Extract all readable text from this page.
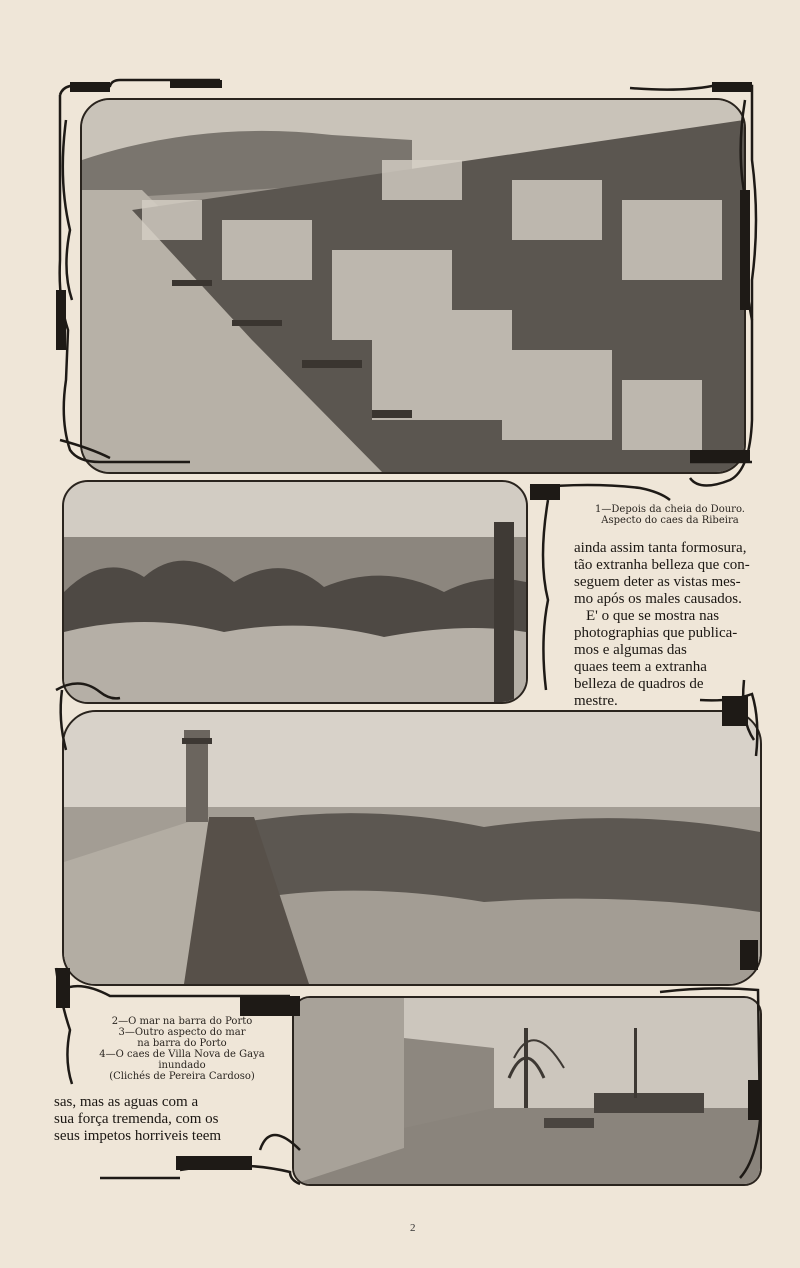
1—Depois da cheia do Douro.
Aspecto do caes da Ribeira

ainda assim tanta formosura,

tão extranha belleza que con-

seguem deter as vistas mes-

mo após os males causados.

E' o que se mostra nas

photographias que publica-

mos e algumas das

quaes teem a extranha

belleza de quadros de

mestre.

2—O mar na barra do Porto
3—Outro aspecto do mar
na barra do Porto
4—O caes de Villa Nova de Gaya
inundado
(Clichés de Pereira Cardoso)

sas, mas as aguas com a

sua força tremenda, com os

seus impetos horriveis teem

2
